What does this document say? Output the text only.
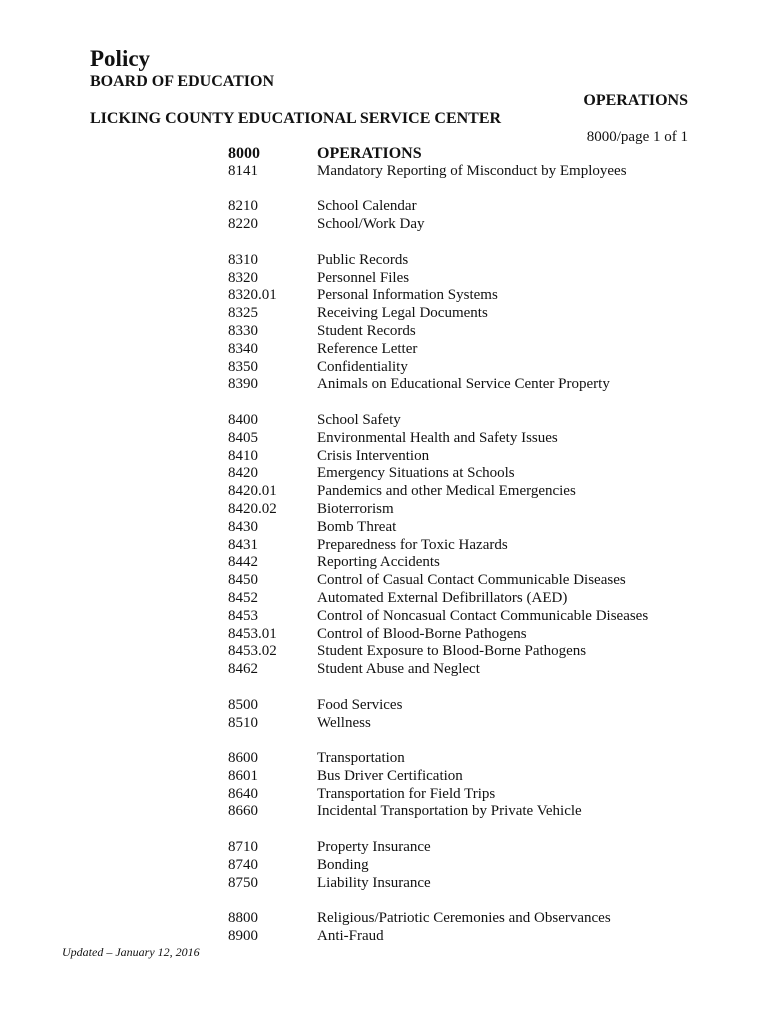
Policy
BOARD OF EDUCATION
OPERATIONS
LICKING COUNTY EDUCATIONAL SERVICE CENTER
8000/page 1 of 1
8000	OPERATIONS
8141	Mandatory Reporting of Misconduct by Employees
8210	School Calendar
8220	School/Work Day
8310	Public Records
8320	Personnel Files
8320.01	Personal Information Systems
8325	Receiving Legal Documents
8330	Student Records
8340	Reference Letter
8350	Confidentiality
8390	Animals on Educational Service Center Property
8400	School Safety
8405	Environmental Health and Safety Issues
8410	Crisis Intervention
8420	Emergency Situations at Schools
8420.01	Pandemics and other Medical Emergencies
8420.02	Bioterrorism
8430	Bomb Threat
8431	Preparedness for Toxic Hazards
8442	Reporting Accidents
8450	Control of Casual Contact Communicable Diseases
8452	Automated External Defibrillators (AED)
8453	Control of Noncasual Contact Communicable Diseases
8453.01	Control of Blood-Borne Pathogens
8453.02	Student Exposure to Blood-Borne Pathogens
8462	Student Abuse and Neglect
8500	Food Services
8510	Wellness
8600	Transportation
8601	Bus Driver Certification
8640	Transportation for Field Trips
8660	Incidental Transportation by Private Vehicle
8710	Property Insurance
8740	Bonding
8750	Liability Insurance
8800	Religious/Patriotic Ceremonies and Observances
8900	Anti-Fraud
Updated – January 12, 2016
